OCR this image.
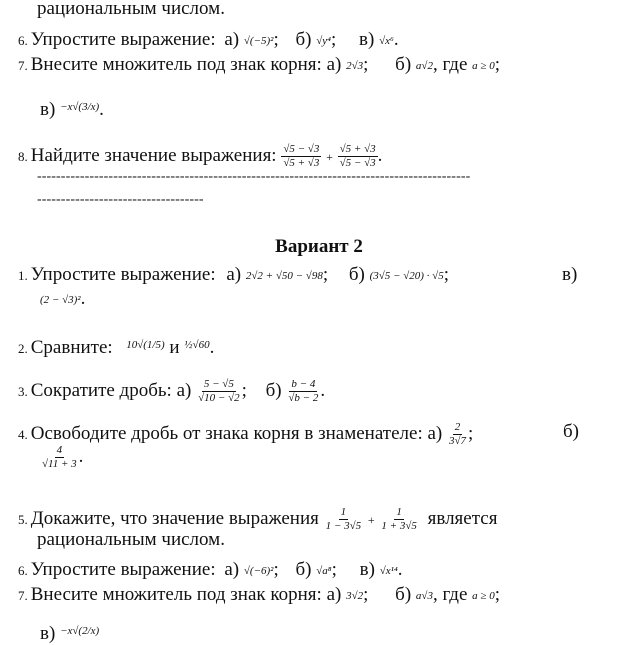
рациональным числом.
6. Упростите выражение: а) √(−5)²; б) √y⁴; в) √x⁶.
7. Внесите множитель под знак корня: а) 2√3; б) a√2, где a ≥ 0;
в) −x√(3/x).
8. Найдите значение выражения: $\frac{√5 - √3}{√5 + √3} + \frac{√5 + √3}{√5 - √3}$ .
-------------------------------------------------------------------------------------------
-----------------------------------
Вариант 2
1. Упростите выражение: а) 2√2 + √50 − √98; б) (3√5 − √20) · √5;	в)
(2 − √3)².
2. Сравните: 10√(1/5) и ½√60.
3. Сократите дробь: $а) \frac{5 - √5}{√10 - √2}$ ; $б) \frac{b - 4}{√b - 2}$ .
4. Освободите дробь от знака корня в знаменателе: $а) \frac{2}{3√7}$ ;	б)
$\frac{4}{√11 + 3}$ .
5. Докажите, что значение выражения $\frac{1}{1 - 3√5} + \frac{1}{1 + 3√5}$ является
рациональным числом.
6. Упростите выражение: а) √(−6)²; б) √a⁸; в) √x¹⁴.
7. Внесите множитель под знак корня: а) 3√2; б) a√3, где a ≥ 0;
в) −x√(2/x)
